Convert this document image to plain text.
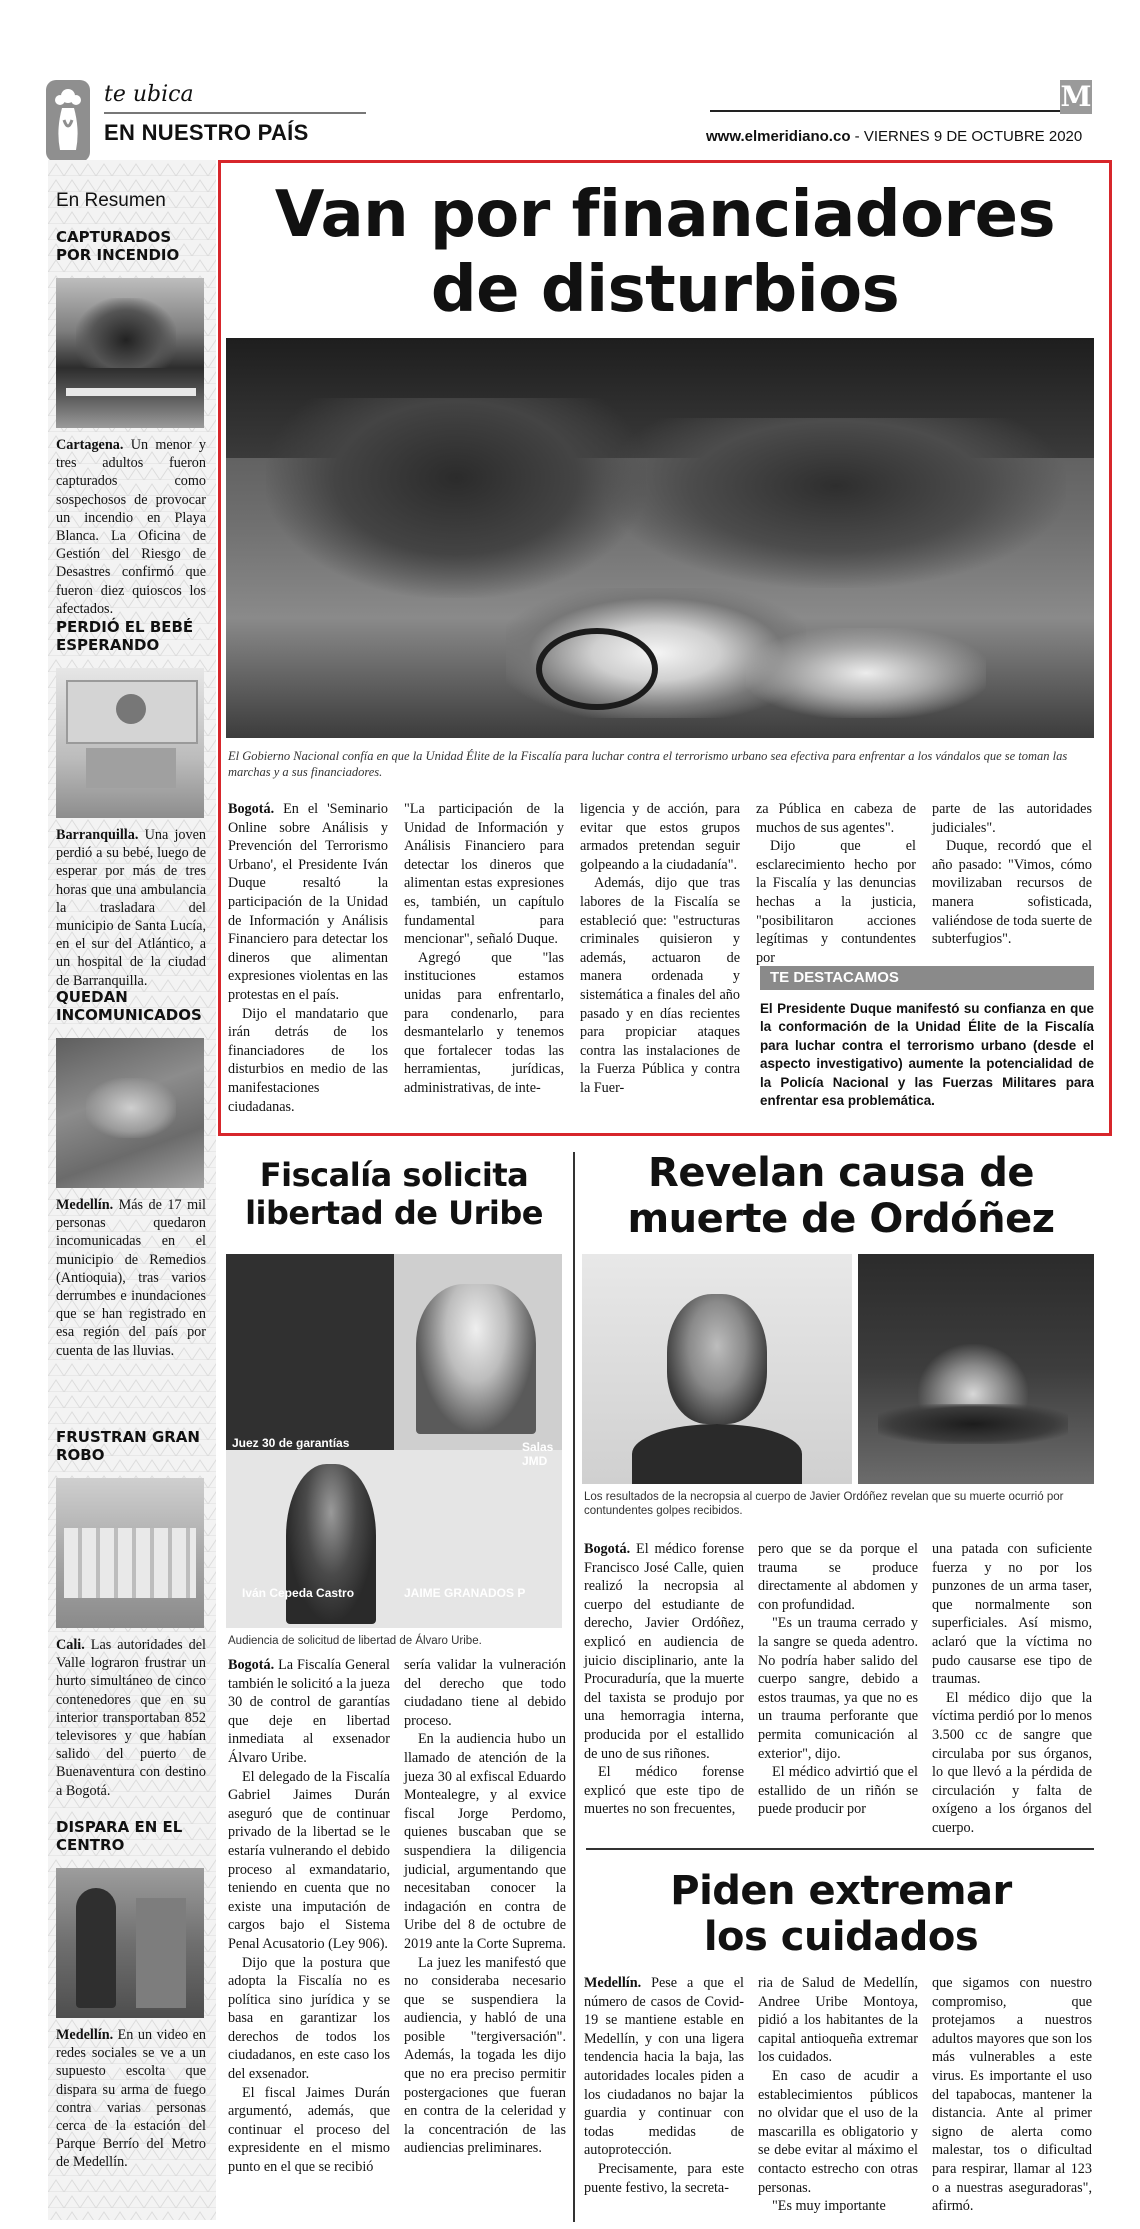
te ubica
EN NUESTRO PAÍS
M
www.elmeridiano.co - VIERNES 9 DE OCTUBRE 2020
En Resumen
CAPTURADOS POR INCENDIO
Cartagena. Un menor y tres adultos fueron capturados como sospechosos de provocar un incendio en Playa Blanca. La Oficina de Gestión del Riesgo de Desastres confirmó que fueron diez quioscos los afectados.
PERDIÓ EL BEBÉ ESPERANDO
Barranquilla. Una joven perdió a su bebé, luego de esperar por más de tres horas que una ambulancia la trasladara del municipio de Santa Lucía, en el sur del Atlántico, a un hospital de la ciudad de Barranquilla.
QUEDAN INCOMUNICADOS
Medellín. Más de 17 mil personas quedaron incomunicadas en el municipio de Remedios (Antioquia), tras varios derrumbes e inundaciones que se han registrado en esa región del país por cuenta de las lluvias.
FRUSTRAN GRAN ROBO
Cali. Las autoridades del Valle lograron frustrar un hurto simultáneo de cinco contenedores que en su interior transportaban 852 televisores y que habían salido del puerto de Buenaventura con destino a Bogotá.
DISPARA EN EL CENTRO
Medellín. En un video en redes sociales se ve a un supuesto escolta que dispara su arma de fuego contra varias personas cerca de la estación del Parque Berrío del Metro de Medellín.
Van por financiadores
de disturbios
El Gobierno Nacional confía en que la Unidad Élite de la Fiscalía para luchar contra el terrorismo urbano sea efectiva para enfrentar a los vándalos que se toman las marchas y a sus financiadores.

Bogotá. En el 'Seminario Online sobre Análisis y Prevención del Terrorismo Urbano', el Presidente Iván Duque resaltó la participación de la Unidad de Información y Análisis Financiero para detectar los dineros que alimentan expresiones violentas en las protestas en el país.

Dijo el mandatario que irán detrás de los financiadores de los disturbios en medio de las manifestaciones ciudadanas.

"La participación de la Unidad de Información y Análisis Financiero para detectar los dineros que alimentan estas expresiones es, también, un capítulo fundamental para mencionar", señaló Duque.

Agregó que "las instituciones estamos unidas para enfrentarlo, para condenarlo, para desmantelarlo y tenemos que fortalecer todas las herramientas, jurídicas, administrativas, de inte-

ligencia y de acción, para evitar que estos grupos armados pretendan seguir golpeando a la ciudadanía".

Además, dijo que tras labores de la Fiscalía se estableció que: "estructuras criminales quisieron y además, actuaron de manera ordenada y sistemática a finales del año pasado y en días recientes para propiciar ataques contra las instalaciones de la Fuerza Pública y contra la Fuer-

za Pública en cabeza de muchos de sus agentes".

Dijo que el esclarecimiento hecho por la Fiscalía y las denuncias hechas a la justicia, "posibilitaron acciones legítimas y contundentes por

parte de las autoridades judiciales".

Duque, recordó que el año pasado: "Vimos, cómo movilizaban recursos de manera sofisticada, valiéndose de toda suerte de subterfugios".

TE DESTACAMOS
El Presidente Duque manifestó su confianza en que la conformación de la Unidad Élite de la Fiscalía para luchar contra el terrorismo urbano (desde el aspecto investigativo) aumente la potencialidad de la Policía Nacional y las Fuerzas Militares para enfrentar esa problemática.
Fiscalía solicita
libertad de Uribe
Juez 30 de garantías	Salas JMD
Iván Cepeda Castro	JAIME GRANADOS P
Audiencia de solicitud de libertad de Álvaro Uribe.

Bogotá. La Fiscalía General también le solicitó a la jueza 30 de control de garantías que deje en libertad inmediata al exsenador Álvaro Uribe.

El delegado de la Fiscalía Gabriel Jaimes Durán aseguró que de continuar privado de la libertad se le estaría vulnerando el debido proceso al exmandatario, teniendo en cuenta que no existe una imputación de cargos bajo el Sistema Penal Acusatorio (Ley 906).

Dijo que la postura que adopta la Fiscalía no es política sino jurídica y se basa en garantizar los derechos de todos los ciudadanos, en este caso los del exsenador.

El fiscal Jaimes Durán argumentó, además, que continuar el proceso del expresidente en el mismo punto en el que se recibió

sería validar la vulneración del derecho que todo ciudadano tiene al debido proceso.

En la audiencia hubo un llamado de atención de la jueza 30 al exfiscal Eduardo Montealegre, y al exvice fiscal Jorge Perdomo, quienes buscaban que se suspendiera la diligencia judicial, argumentando que necesitaban conocer la indagación en contra de Uribe del 8 de octubre de 2019 ante la Corte Suprema.

La juez les manifestó que no consideraba necesario que se suspendiera la audiencia, y habló de una posible "tergiversación". Además, la togada les dijo que no era preciso permitir postergaciones que fueran en contra de la celeridad y la concentración de las audiencias preliminares.

Revelan causa de
muerte de Ordóñez
Los resultados de la necropsia al cuerpo de Javier Ordóñez revelan que su muerte ocurrió por contundentes golpes recibidos.

Bogotá. El médico forense Francisco José Calle, quien realizó la necropsia al cuerpo del estudiante de derecho, Javier Ordóñez, explicó en audiencia de juicio disciplinario, ante la Procuraduría, que la muerte del taxista se produjo por una hemorragia interna, producida por el estallido de uno de sus riñones.

El médico forense explicó que este tipo de muertes no son frecuentes,

pero que se da porque el trauma se produce directamente al abdomen y con profundidad.

"Es un trauma cerrado y la sangre se queda adentro. No podría haber salido del cuerpo sangre, debido a estos traumas, ya que no es un trauma perforante que permita comunicación al exterior", dijo.

El médico advirtió que el estallido de un riñón se puede producir por

una patada con suficiente fuerza y no por los punzones de un arma taser, que normalmente son superficiales. Así mismo, aclaró que la víctima no pudo causarse ese tipo de traumas.

El médico dijo que la víctima perdió por lo menos 3.500 cc de sangre que circulaba por sus órganos, lo que llevó a la pérdida de circulación y falta de oxígeno a los órganos del cuerpo.

Piden extremar
los cuidados

Medellín. Pese a que el número de casos de Covid-19 se mantiene estable en Medellín, y con una ligera tendencia hacia la baja, las autoridades locales piden a los ciudadanos no bajar la guardia y continuar con todas medidas de autoprotección.

Precisamente, para este puente festivo, la secreta-

ria de Salud de Medellín, Andree Uribe Montoya, pidió a los habitantes de la capital antioqueña extremar los cuidados.

En caso de acudir a establecimientos públicos no olvidar que el uso de la mascarilla es obligatorio y se debe evitar al máximo el contacto estrecho con otras personas.

"Es muy importante

que sigamos con nuestro compromiso, que protejamos a nuestros adultos mayores que son los más vulnerables a este virus. Es importante el uso del tapabocas, mantener la distancia. Ante al primer signo de alerta como malestar, tos o dificultad para respirar, llamar al 123 o a nuestras aseguradoras", afirmó.
